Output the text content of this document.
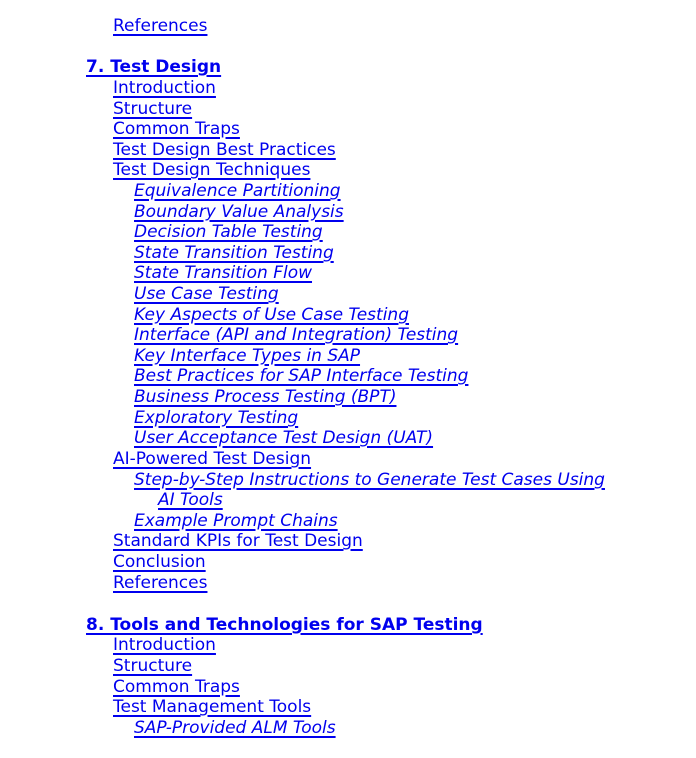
References
7. Test Design
Introduction
Structure
Common Traps
Test Design Best Practices
Test Design Techniques
Equivalence Partitioning
Boundary Value Analysis
Decision Table Testing
State Transition Testing
State Transition Flow
Use Case Testing
Key Aspects of Use Case Testing
Interface (API and Integration) Testing
Key Interface Types in SAP
Best Practices for SAP Interface Testing
Business Process Testing (BPT)
Exploratory Testing
User Acceptance Test Design (UAT)
AI-Powered Test Design
Step-by-Step Instructions to Generate Test Cases Using
AI Tools
Example Prompt Chains
Standard KPIs for Test Design
Conclusion
References
8. Tools and Technologies for SAP Testing
Introduction
Structure
Common Traps
Test Management Tools
SAP-Provided ALM Tools
